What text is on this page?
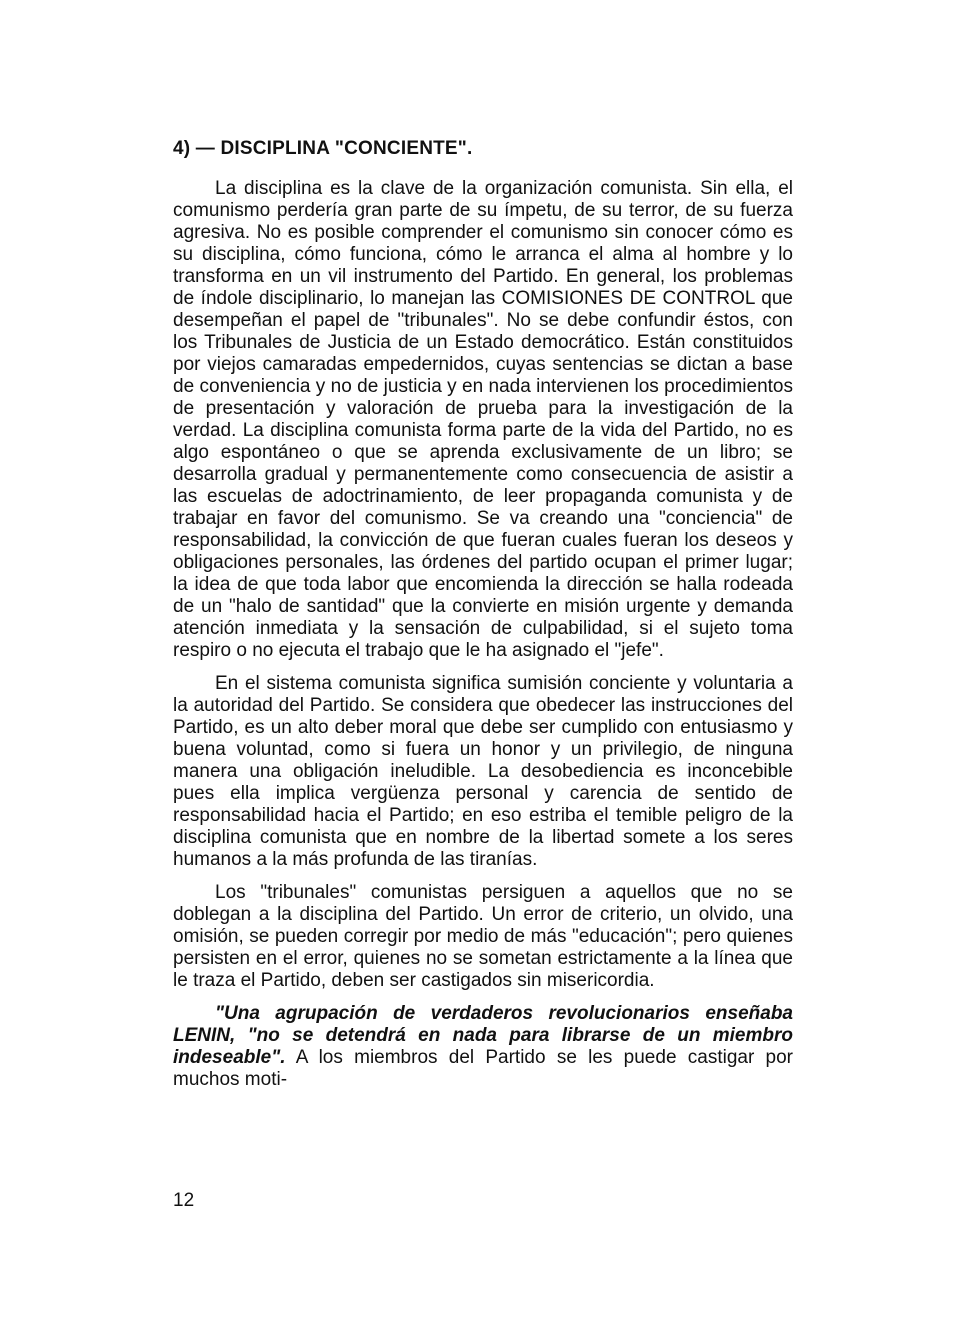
4) — DISCIPLINA "CONCIENTE".

La disciplina es la clave de la organización comunista. Sin ella, el comunismo perdería gran parte de su ímpetu, de su terror, de su fuerza agresiva. No es posible comprender el comunismo sin conocer cómo es su disciplina, cómo funciona, cómo le arranca el alma al hombre y lo transforma en un vil instrumento del Partido. En general, los problemas de índole disciplinario, lo manejan las COMISIONES DE CONTROL que desempeñan el papel de "tribunales". No se debe confundir éstos, con los Tribunales de Justicia de un Estado democrático. Están constituidos por viejos camaradas empedernidos, cuyas sentencias se dictan a base de conveniencia y no de justicia y en nada intervienen los procedimientos de presentación y valoración de prueba para la investigación de la verdad. La disciplina comunista forma parte de la vida del Partido, no es algo espontáneo o que se aprenda exclusivamente de un libro; se desarrolla gradual y permanentemente como consecuencia de asistir a las escuelas de adoctrinamiento, de leer propaganda comunista y de trabajar en favor del comunismo. Se va creando una "conciencia" de responsabilidad, la convicción de que fueran cuales fueran los deseos y obligaciones personales, las órdenes del partido ocupan el primer lugar; la idea de que toda labor que encomienda la dirección se halla rodeada de un "halo de santidad" que la convierte en misión urgente y demanda atención inmediata y la sensación de culpabilidad, si el sujeto toma respiro o no ejecuta el trabajo que le ha asignado el "jefe".

En el sistema comunista significa sumisión conciente y voluntaria a la autoridad del Partido. Se considera que obedecer las instrucciones del Partido, es un alto deber moral que debe ser cumplido con entusiasmo y buena voluntad, como si fuera un honor y un privilegio, de ninguna manera una obligación ineludible. La desobediencia es inconcebible pues ella implica vergüenza personal y carencia de sentido de responsabilidad hacia el Partido; en eso estriba el temible peligro de la disciplina comunista que en nombre de la libertad somete a los seres humanos a la más profunda de las tiranías.

Los "tribunales" comunistas persiguen a aquellos que no se doblegan a la disciplina del Partido. Un error de criterio, un olvido, una omisión, se pueden corregir por medio de más "educación"; pero quienes persisten en el error, quienes no se sometan estrictamente a la línea que le traza el Partido, deben ser castigados sin misericordia.

"Una agrupación de verdaderos revolucionarios enseñaba LENIN, "no se detendrá en nada para librarse de un miembro indeseable". A los miembros del Partido se les puede castigar por muchos moti-

12
